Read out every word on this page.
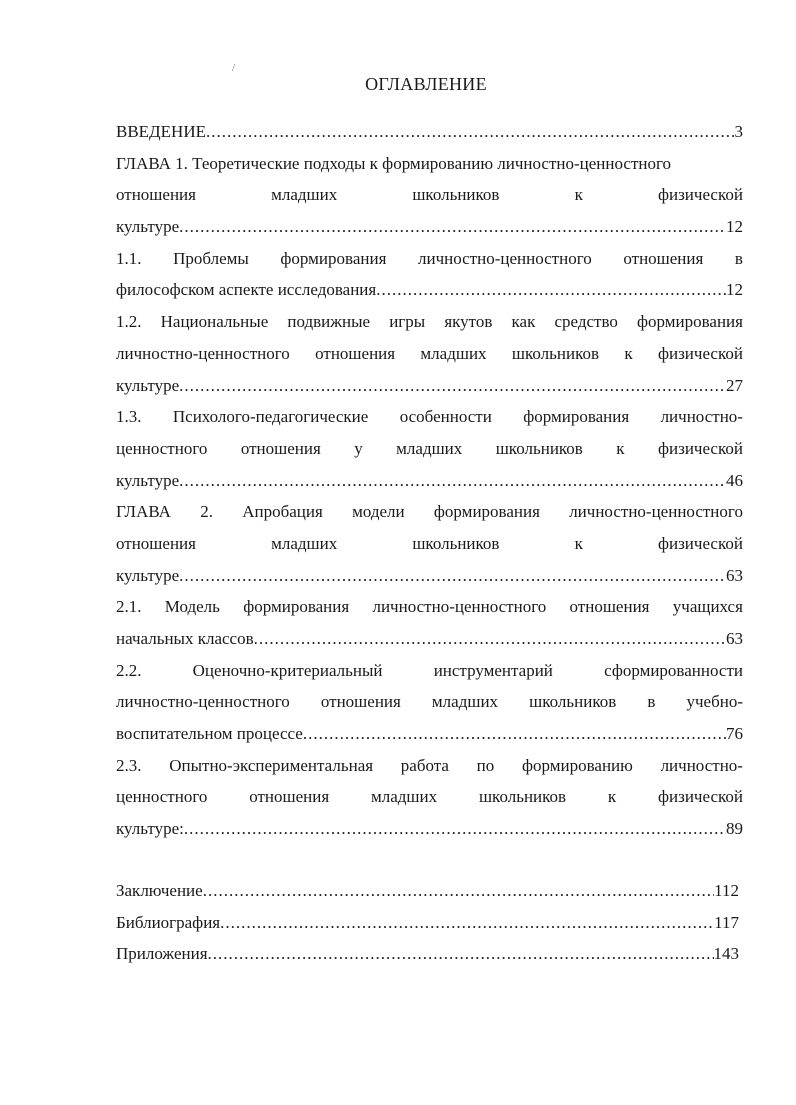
ОГЛАВЛЕНИЕ
/
ВВЕДЕНИЕ .....	3
ГЛАВА 1. Теоретические подходы к формированию личностно-ценностного
отношения	младших	школьников	к	физической
культуре .....	12
1.1. Проблемы формирования личностно-ценностного отношения в
философском аспекте исследования .....	12
1.2. Национальные подвижные игры якутов как средство формирования
личностно-ценностного отношения младших школьников к физической
культуре .....	27
1.3. Психолого-педагогические особенности формирования личностно-
ценностного отношения у младших школьников к физической
культуре .....	46
ГЛАВА 2. Апробация модели формирования личностно-ценностного
отношения	младших	школьников	к	физической
культуре .....	63
2.1. Модель формирования личностно-ценностного отношения учащихся
начальных классов .....	63
2.2.	Оценочно-критериальный	инструментарий	сформированности
личностно-ценностного отношения младших школьников в учебно-
воспитательном процессе .....	76
2.3. Опытно-экспериментальная работа по формированию личностно-
ценностного отношения младших школьников к физической
культуре: .....	89
Заключение .....	112
Библиография .....	117
Приложения .....	143
